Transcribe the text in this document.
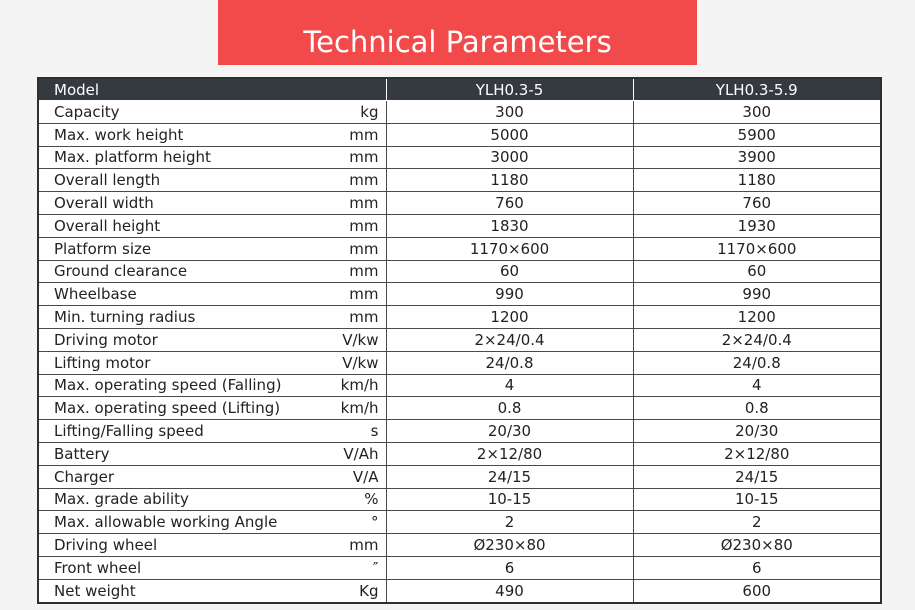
Technical Parameters
Model		YLH0.3-5	YLH0.3-5.9
Capacity	kg	300	300
Max. work height	mm	5000	5900
Max. platform height	mm	3000	3900
Overall length	mm	1180	1180
Overall width	mm	760	760
Overall height	mm	1830	1930
Platform size	mm	1170×600	1170×600
Ground clearance	mm	60	60
Wheelbase	mm	990	990
Min. turning radius	mm	1200	1200
Driving motor	V/kw	2×24/0.4	2×24/0.4
Lifting motor	V/kw	24/0.8	24/0.8
Max. operating speed (Falling)	km/h	4	4
Max. operating speed (Lifting)	km/h	0.8	0.8
Lifting/Falling speed	s	20/30	20/30
Battery	V/Ah	2×12/80	2×12/80
Charger	V/A	24/15	24/15
Max. grade ability	%	10-15	10-15
Max. allowable working Angle	°	2	2
Driving wheel	mm	Ø230×80	Ø230×80
Front wheel	″	6	6
Net weight	Kg	490	600
